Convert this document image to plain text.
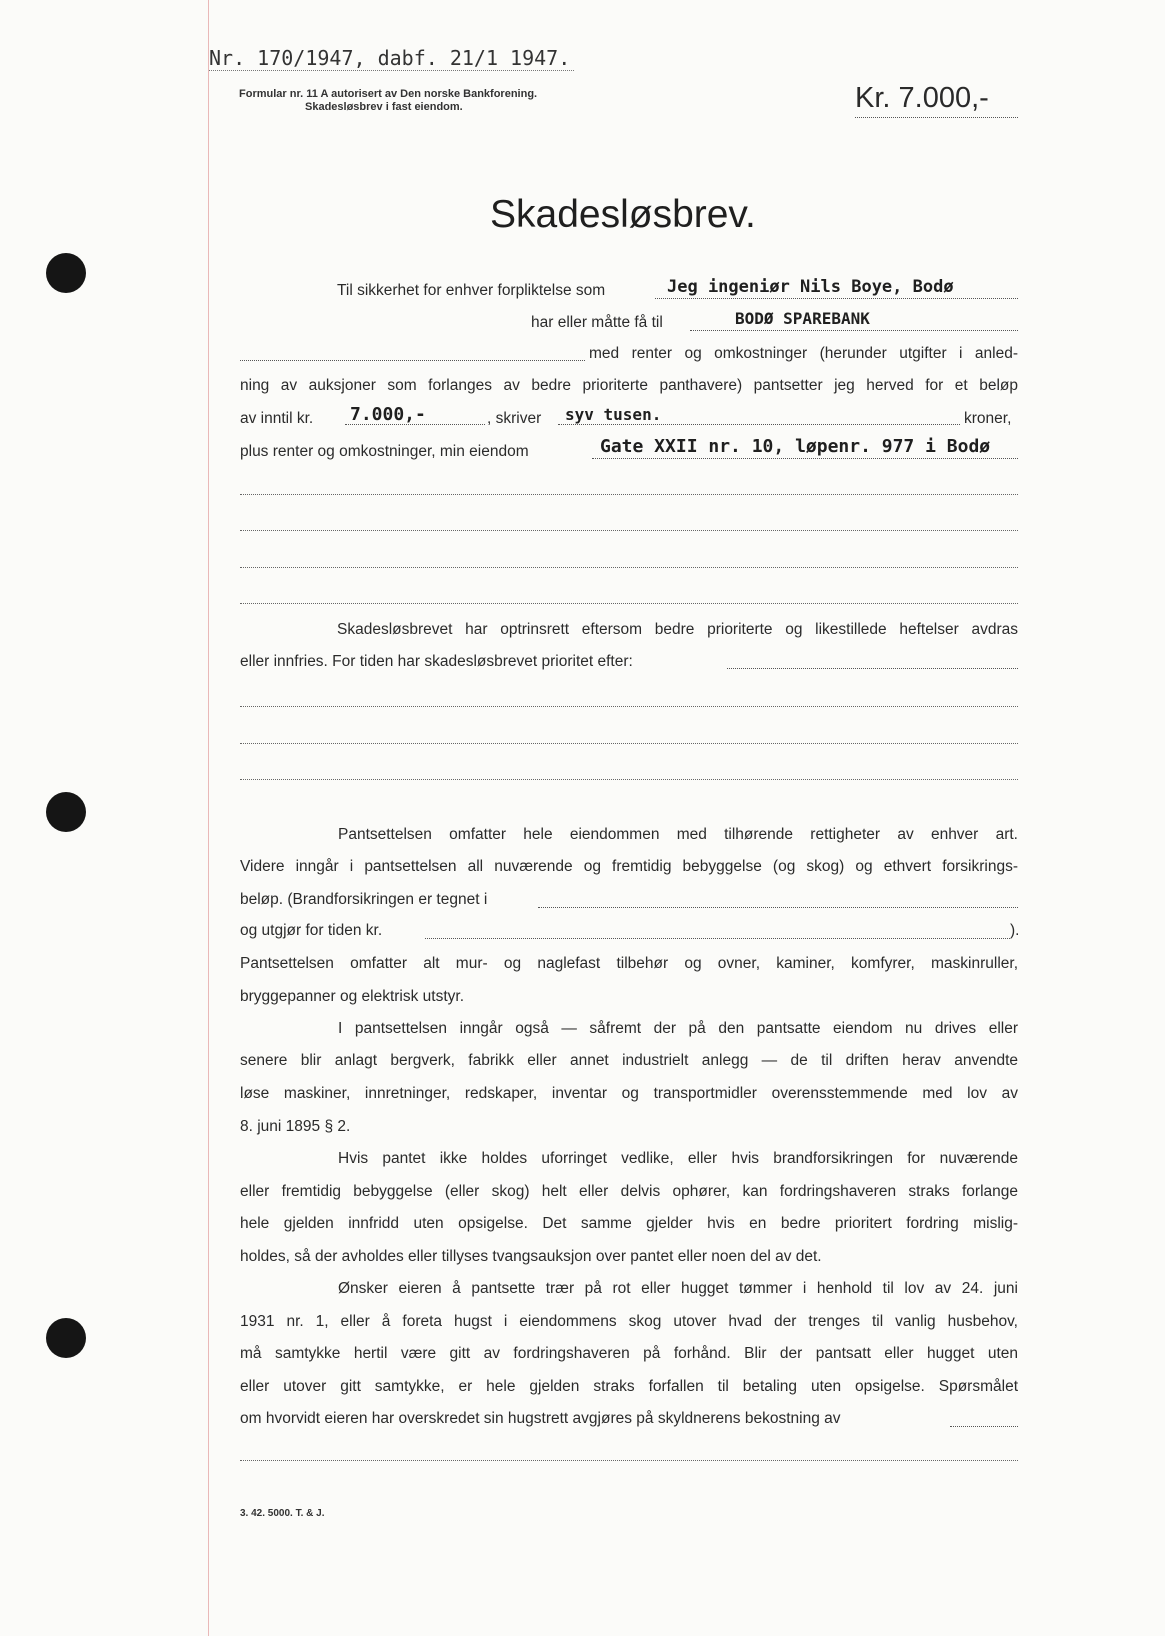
Nr. 170/1947, dabf. 21/1 1947.
Formular nr. 11 A autorisert av Den norske Bankforening.
Skadesløsbrev i fast eiendom.	Kr. 7.000,-
Skadesløsbrev.
Til sikkerhet for enhver forpliktelse som	Jeg ingeniør Nils Boye, Bodø
har eller måtte få til	BODØ SPAREBANK
med renter og omkostninger (herunder utgifter i anled-
ning av auksjoner som forlanges av bedre prioriterte panthavere) pantsetter jeg herved for et beløp
av inntil kr. 7.000,-	, skriver syv tusen.	kroner,
plus renter og omkostninger, min eiendom	Gate XXII nr. 10, løpenr. 977 i Bodø
Skadesløsbrevet har optrinsrett eftersom bedre prioriterte og likestillede heftelser avdras
eller innfries. For tiden har skadesløsbrevet prioritet efter:
Pantsettelsen omfatter hele eiendommen med tilhørende rettigheter av enhver art.
Videre inngår i pantsettelsen all nuværende og fremtidig bebyggelse (og skog) og ethvert forsikrings-
beløp. (Brandforsikringen er tegnet i
og utgjør for tiden kr.	).
Pantsettelsen omfatter alt mur- og naglefast tilbehør og ovner, kaminer, komfyrer, maskinruller,
bryggepanner og elektrisk utstyr.
I pantsettelsen inngår også — såfremt der på den pantsatte eiendom nu drives eller
senere blir anlagt bergverk, fabrikk eller annet industrielt anlegg — de til driften herav anvendte
løse maskiner, innretninger, redskaper, inventar og transportmidler overensstemmende med lov av
8. juni 1895 § 2.
Hvis pantet ikke holdes uforringet vedlike, eller hvis brandforsikringen for nuværende
eller fremtidig bebyggelse (eller skog) helt eller delvis ophører, kan fordringshaveren straks forlange
hele gjelden innfridd uten opsigelse. Det samme gjelder hvis en bedre prioritert fordring mislig-
holdes, så der avholdes eller tillyses tvangsauksjon over pantet eller noen del av det.
Ønsker eieren å pantsette trær på rot eller hugget tømmer i henhold til lov av 24. juni
1931 nr. 1, eller å foreta hugst i eiendommens skog utover hvad der trenges til vanlig husbehov,
må samtykke hertil være gitt av fordringshaveren på forhånd. Blir der pantsatt eller hugget uten
eller utover gitt samtykke, er hele gjelden straks forfallen til betaling uten opsigelse. Spørsmålet
om hvorvidt eieren har overskredet sin hugstrett avgjøres på skyldnerens bekostning av
3. 42. 5000. T. & J.
